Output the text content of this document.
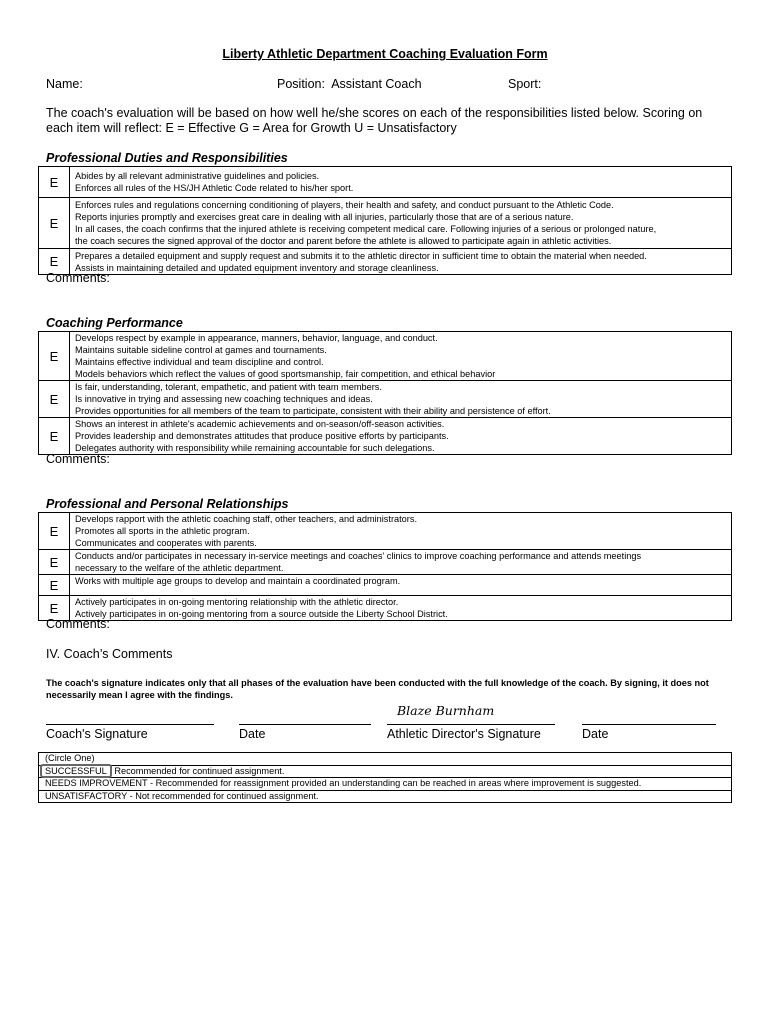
Liberty Athletic Department Coaching Evaluation Form
Name:	Position: Assistant Coach	Sport:
The coach's evaluation will be based on how well he/she scores on each of the responsibilities listed below. Scoring on each item will reflect: E = Effective G = Area for Growth U = Unsatisfactory
Professional Duties and Responsibilities
E	Abides by all relevant administrative guidelines and policies.
Enforces all rules of the HS/JH Athletic Code related to his/her sport.

E	Enforces rules and regulations concerning conditioning of players, their health and safety, and conduct pursuant to the Athletic Code.
Reports injuries promptly and exercises great care in dealing with all injuries, particularly those that are of a serious nature.
In all cases, the coach confirms that the injured athlete is receiving competent medical care. Following injuries of a serious or prolonged nature,
the coach secures the signed approval of the doctor and parent before the athlete is allowed to participate again in athletic activities.

E	Prepares a detailed equipment and supply request and submits it to the athletic director in sufficient time to obtain the material when needed.
Assists in maintaining detailed and updated equipment inventory and storage cleanliness.
Comments:
Coaching Performance
E	Develops respect by example in appearance, manners, behavior, language, and conduct.
Maintains suitable sideline control at games and tournaments.
Maintains effective individual and team discipline and control.
Models behaviors which reflect the values of good sportsmanship, fair competition, and ethical behavior

E	Is fair, understanding, tolerant, empathetic, and patient with team members.
Is innovative in trying and assessing new coaching techniques and ideas.
Provides opportunities for all members of the team to participate, consistent with their ability and persistence of effort.

E	Shows an interest in athlete's academic achievements and on-season/off-season activities.
Provides leadership and demonstrates attitudes that produce positive efforts by participants.
Delegates authority with responsibility while remaining accountable for such delegations.
Comments:
Professional and Personal Relationships
E	Develops rapport with the athletic coaching staff, other teachers, and administrators.
Promotes all sports in the athletic program.
Communicates and cooperates with parents.

E	Conducts and/or participates in necessary in-service meetings and coaches' clinics to improve coaching performance and attends meetings
necessary to the welfare of the athletic department.

E	Works with multiple age groups to develop and maintain a coordinated program.

E	Actively participates in on-going mentoring relationship with the athletic director.
Actively participates in on-going mentoring from a source outside the Liberty School District.
Comments:
IV. Coach’s Comments
The coach's signature indicates only that all phases of the evaluation have been conducted with the full knowledge of the coach. By signing, it does not necessarily mean I agree with the findings.
Blaze Burnham
Coach's Signature	Date	Athletic Director's Signature	Date
(Circle One)
SUCCESSFUL Recommended for continued assignment.
NEEDS IMPROVEMENT - Recommended for reassignment provided an understanding can be reached in areas where improvement is suggested.
UNSATISFACTORY - Not recommended for continued assignment.
